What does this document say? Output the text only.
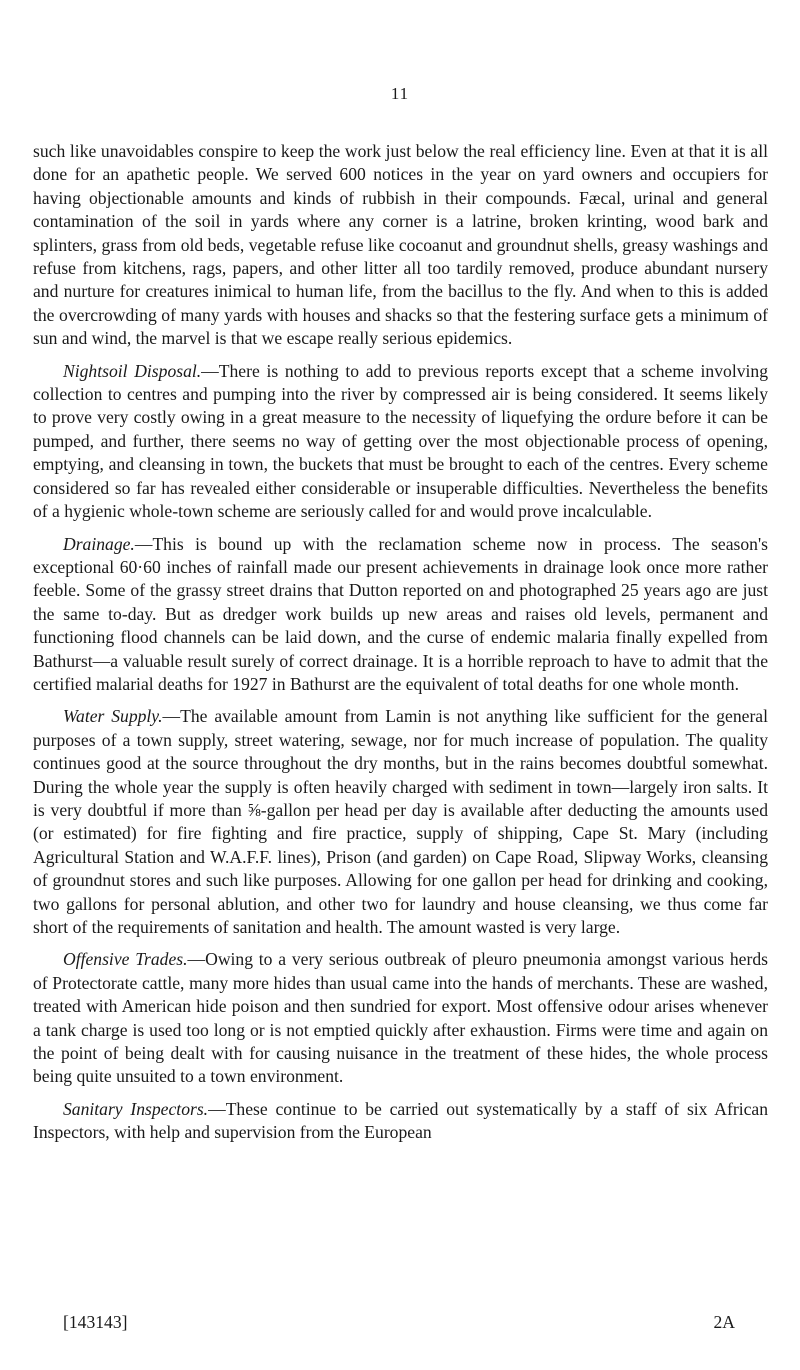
11

such like unavoidables conspire to keep the work just below the real efficiency line. Even at that it is all done for an apathetic people. We served 600 notices in the year on yard owners and occupiers for having objectionable amounts and kinds of rubbish in their compounds. Fæcal, urinal and general contamination of the soil in yards where any corner is a latrine, broken krinting, wood bark and splinters, grass from old beds, vegetable refuse like cocoanut and groundnut shells, greasy washings and refuse from kitchens, rags, papers, and other litter all too tardily removed, produce abundant nursery and nurture for creatures inimical to human life, from the bacillus to the fly. And when to this is added the overcrowding of many yards with houses and shacks so that the festering surface gets a minimum of sun and wind, the marvel is that we escape really serious epidemics.

Nightsoil Disposal.—There is nothing to add to previous reports except that a scheme involving collection to centres and pumping into the river by compressed air is being considered. It seems likely to prove very costly owing in a great measure to the necessity of liquefying the ordure before it can be pumped, and further, there seems no way of getting over the most objectionable process of opening, emptying, and cleansing in town, the buckets that must be brought to each of the centres. Every scheme considered so far has revealed either considerable or insuperable difficulties. Nevertheless the benefits of a hygienic whole-town scheme are seriously called for and would prove incalculable.

Drainage.—This is bound up with the reclamation scheme now in process. The season's exceptional 60·60 inches of rainfall made our present achievements in drainage look once more rather feeble. Some of the grassy street drains that Dutton reported on and photographed 25 years ago are just the same to-day. But as dredger work builds up new areas and raises old levels, permanent and functioning flood channels can be laid down, and the curse of endemic malaria finally expelled from Bathurst—a valuable result surely of correct drainage. It is a horrible reproach to have to admit that the certified malarial deaths for 1927 in Bathurst are the equivalent of total deaths for one whole month.

Water Supply.—The available amount from Lamin is not anything like sufficient for the general purposes of a town supply, street watering, sewage, nor for much increase of population. The quality continues good at the source throughout the dry months, but in the rains becomes doubtful somewhat. During the whole year the supply is often heavily charged with sediment in town—largely iron salts. It is very doubtful if more than ⅝-gallon per head per day is available after deducting the amounts used (or estimated) for fire fighting and fire practice, supply of shipping, Cape St. Mary (including Agricultural Station and W.A.F.F. lines), Prison (and garden) on Cape Road, Slipway Works, cleansing of groundnut stores and such like purposes. Allowing for one gallon per head for drinking and cooking, two gallons for personal ablution, and other two for laundry and house cleansing, we thus come far short of the requirements of sanitation and health. The amount wasted is very large.

Offensive Trades.—Owing to a very serious outbreak of pleuro pneumonia amongst various herds of Protectorate cattle, many more hides than usual came into the hands of merchants. These are washed, treated with American hide poison and then sundried for export. Most offensive odour arises whenever a tank charge is used too long or is not emptied quickly after exhaustion. Firms were time and again on the point of being dealt with for causing nuisance in the treatment of these hides, the whole process being quite unsuited to a town environment.

Sanitary Inspectors.—These continue to be carried out systematically by a staff of six African Inspectors, with help and supervision from the European

[143143]	2A
